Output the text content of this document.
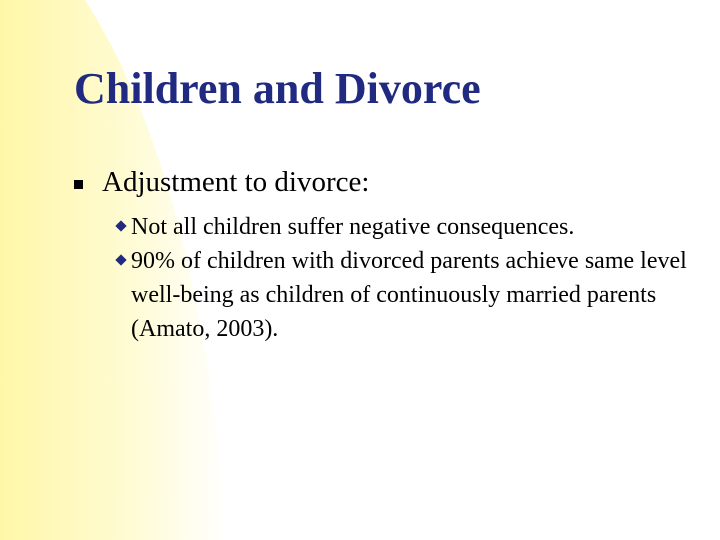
Children and Divorce
Adjustment to divorce:
Not all children suffer negative consequences.
90% of children with divorced parents achieve same level well-being as children of continuously married parents (Amato, 2003).
